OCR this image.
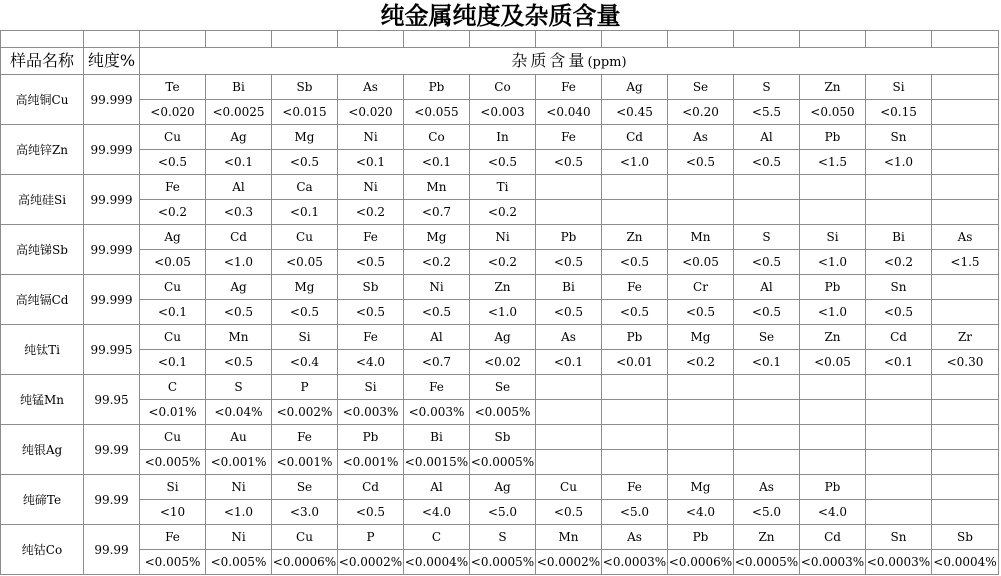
纯金属纯度及杂质含量

样品名称	纯度%	杂质含量(ppm)												
高纯铜Cu	99.999	Te	Bi	Sb	As	Pb	Co	Fe	Ag	Se	S	Zn	Si	
		<0.020	<0.0025	<0.015	<0.020	<0.055	<0.003	<0.040	<0.45	<0.20	<5.5	<0.050	<0.15	
高纯锌Zn	99.999	Cu	Ag	Mg	Ni	Co	In	Fe	Cd	As	Al	Pb	Sn	
		<0.5	<0.1	<0.5	<0.1	<0.1	<0.5	<0.5	<1.0	<0.5	<0.5	<1.5	<1.0	
高纯硅Si	99.999	Fe	Al	Ca	Ni	Mn	Ti							
		<0.2	<0.3	<0.1	<0.2	<0.7	<0.2							
高纯锑Sb	99.999	Ag	Cd	Cu	Fe	Mg	Ni	Pb	Zn	Mn	S	Si	Bi	As
		<0.05	<1.0	<0.05	<0.5	<0.2	<0.2	<0.5	<0.5	<0.05	<0.5	<1.0	<0.2	<1.5
高纯镉Cd	99.999	Cu	Ag	Mg	Sb	Ni	Zn	Bi	Fe	Cr	Al	Pb	Sn	
		<0.1	<0.5	<0.5	<0.5	<0.5	<1.0	<0.5	<0.5	<0.5	<0.5	<1.0	<0.5	
纯钛Ti	99.995	Cu	Mn	Si	Fe	Al	Ag	As	Pb	Mg	Se	Zn	Cd	Zr
		<0.1	<0.5	<0.4	<4.0	<0.7	<0.02	<0.1	<0.01	<0.2	<0.1	<0.05	<0.1	<0.30
纯锰Mn	99.95	C	S	P	Si	Fe	Se							
		<0.01%	<0.04%	<0.002%	<0.003%	<0.003%	<0.005%							
纯银Ag	99.99	Cu	Au	Fe	Pb	Bi	Sb							
		<0.005%	<0.001%	<0.001%	<0.001%	<0.0015%	<0.0005%							
纯碲Te	99.99	Si	Ni	Se	Cd	Al	Ag	Cu	Fe	Mg	As	Pb		
		<10	<1.0	<3.0	<0.5	<4.0	<5.0	<0.5	<5.0	<4.0	<5.0	<4.0		
纯钴Co	99.99	Fe	Ni	Cu	P	C	S	Mn	As	Pb	Zn	Cd	Sn	Sb
		<0.005%	<0.005%	<0.0006%	<0.0002%	<0.0004%	<0.0005%	<0.0002%	<0.0003%	<0.0006%	<0.0005%	<0.0003%	<0.0003%	<0.0004%
